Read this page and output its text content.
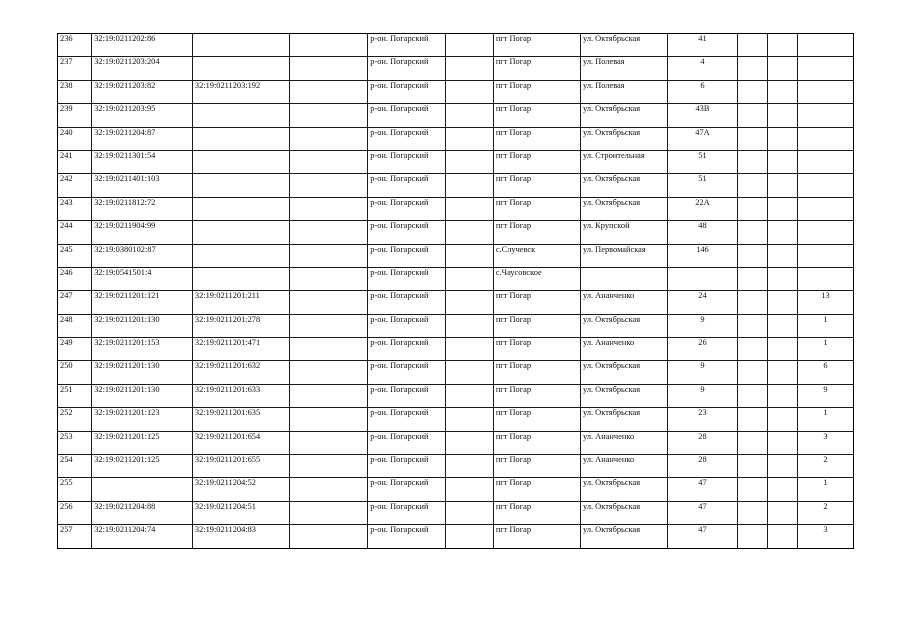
236	32:19:0211202:86			р-он. Погарский		пгт Погар	ул. Октябрьская	41			
237	32:19:0211203:204			р-он. Погарский		пгт Погар	ул. Полевая	4			
238	32:19:0211203:82	32:19:0211203:192		р-он. Погарский		пгт Погар	ул. Полевая	6			
239	32:19:0211203:95			р-он. Погарский		пгт Погар	ул. Октябрьская	43В			
240	32:19:0211204:87			р-он. Погарский		пгт Погар	ул. Октябрьская	47А			
241	32:19:0211301:54			р-он. Погарский		пгт Погар	ул. Строительная	51			
242	32:19:0211401:103			р-он. Погарский		пгт Погар	ул. Октябрьская	51			
243	32:19:0211812:72			р-он. Погарский		пгт Погар	ул. Октябрьская	22А			
244	32:19:0211904:99			р-он. Погарский		пгт Погар	ул. Крупской	48			
245	32:19:0380102:87			р-он. Погарский		с.Случевск	ул. Первомайская	146			
246	32:19:0541501:4			р-он. Погарский		с.Чаусовское					
247	32:19:0211201:121	32:19:0211201:211		р-он. Погарский		пгт Погар	ул. Ананченко	24			13
248	32:19:0211201:130	32:19:0211201:278		р-он. Погарский		пгт Погар	ул. Октябрьская	9			1
249	32:19:0211201:153	32:19:0211201:471		р-он. Погарский		пгт Погар	ул. Ананченко	26			1
250	32:19:0211201:130	32:19:0211201:632		р-он. Погарский		пгт Погар	ул. Октябрьская	9			6
251	32:19:0211201:130	32:19:0211201:633		р-он. Погарский		пгт Погар	ул. Октябрьская	9			9
252	32:19:0211201:123	32:19:0211201:635		р-он. Погарский		пгт Погар	ул. Октябрьская	23			1
253	32:19:0211201:125	32:19:0211201:654		р-он. Погарский		пгт Погар	ул. Ананченко	28			3
254	32:19:0211201:125	32:19:0211201:655		р-он. Погарский		пгт Погар	ул. Ананченко	28			2
255		32:19:0211204:52		р-он. Погарский		пгт Погар	ул. Октябрьская	47			1
256	32:19:0211204:88	32:19:0211204:51		р-он. Погарский		пгт Погар	ул. Октябрьская	47			2
257	32:19:0211204:74	32:19:0211204:83		р-он. Погарский		пгт Погар	ул. Октябрьская	47			3
